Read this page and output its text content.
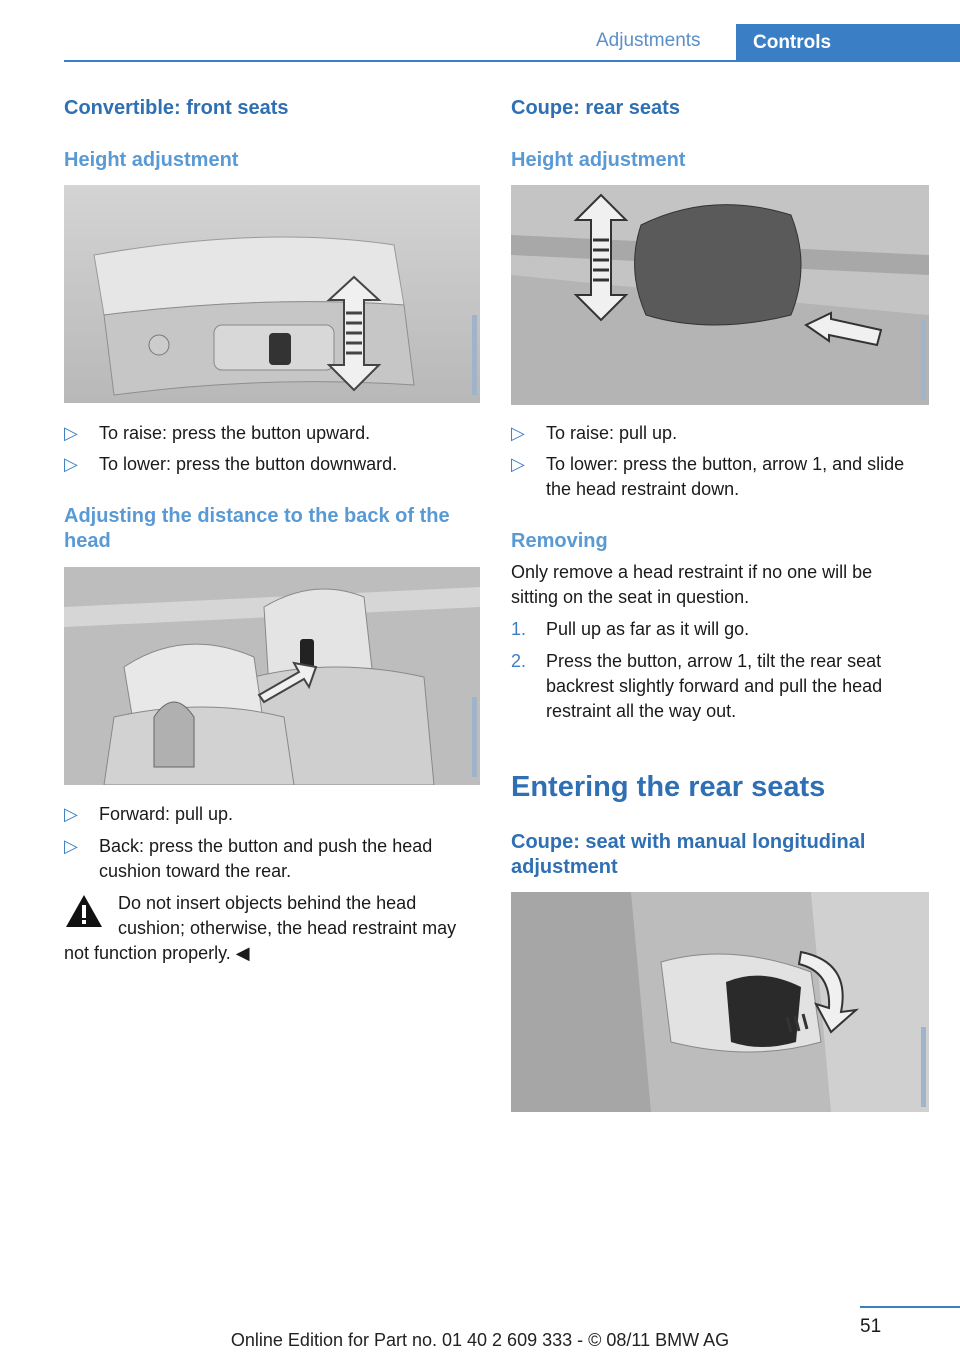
Adjustments	Controls
Convertible: front seats
Height adjustment
▷ To raise: press the button upward.
▷ To lower: press the button downward.
Adjusting the distance to the back of the head
▷ Forward: pull up.
▷ Back: press the button and push the head cushion toward the rear.
Do not insert objects behind the head cushion; otherwise, the head restraint may not function properly. ◀
Coupe: rear seats
Height adjustment
▷ To raise: pull up.
▷ To lower: press the button, arrow 1, and slide the head restraint down.
Removing
Only remove a head restraint if no one will be sitting on the seat in question.
1. Pull up as far as it will go.
2. Press the button, arrow 1, tilt the rear seat backrest slightly forward and pull the head restraint all the way out.
Entering the rear seats
Coupe: seat with manual longitudinal adjustment
51
Online Edition for Part no. 01 40 2 609 333 - © 08/11 BMW AG
